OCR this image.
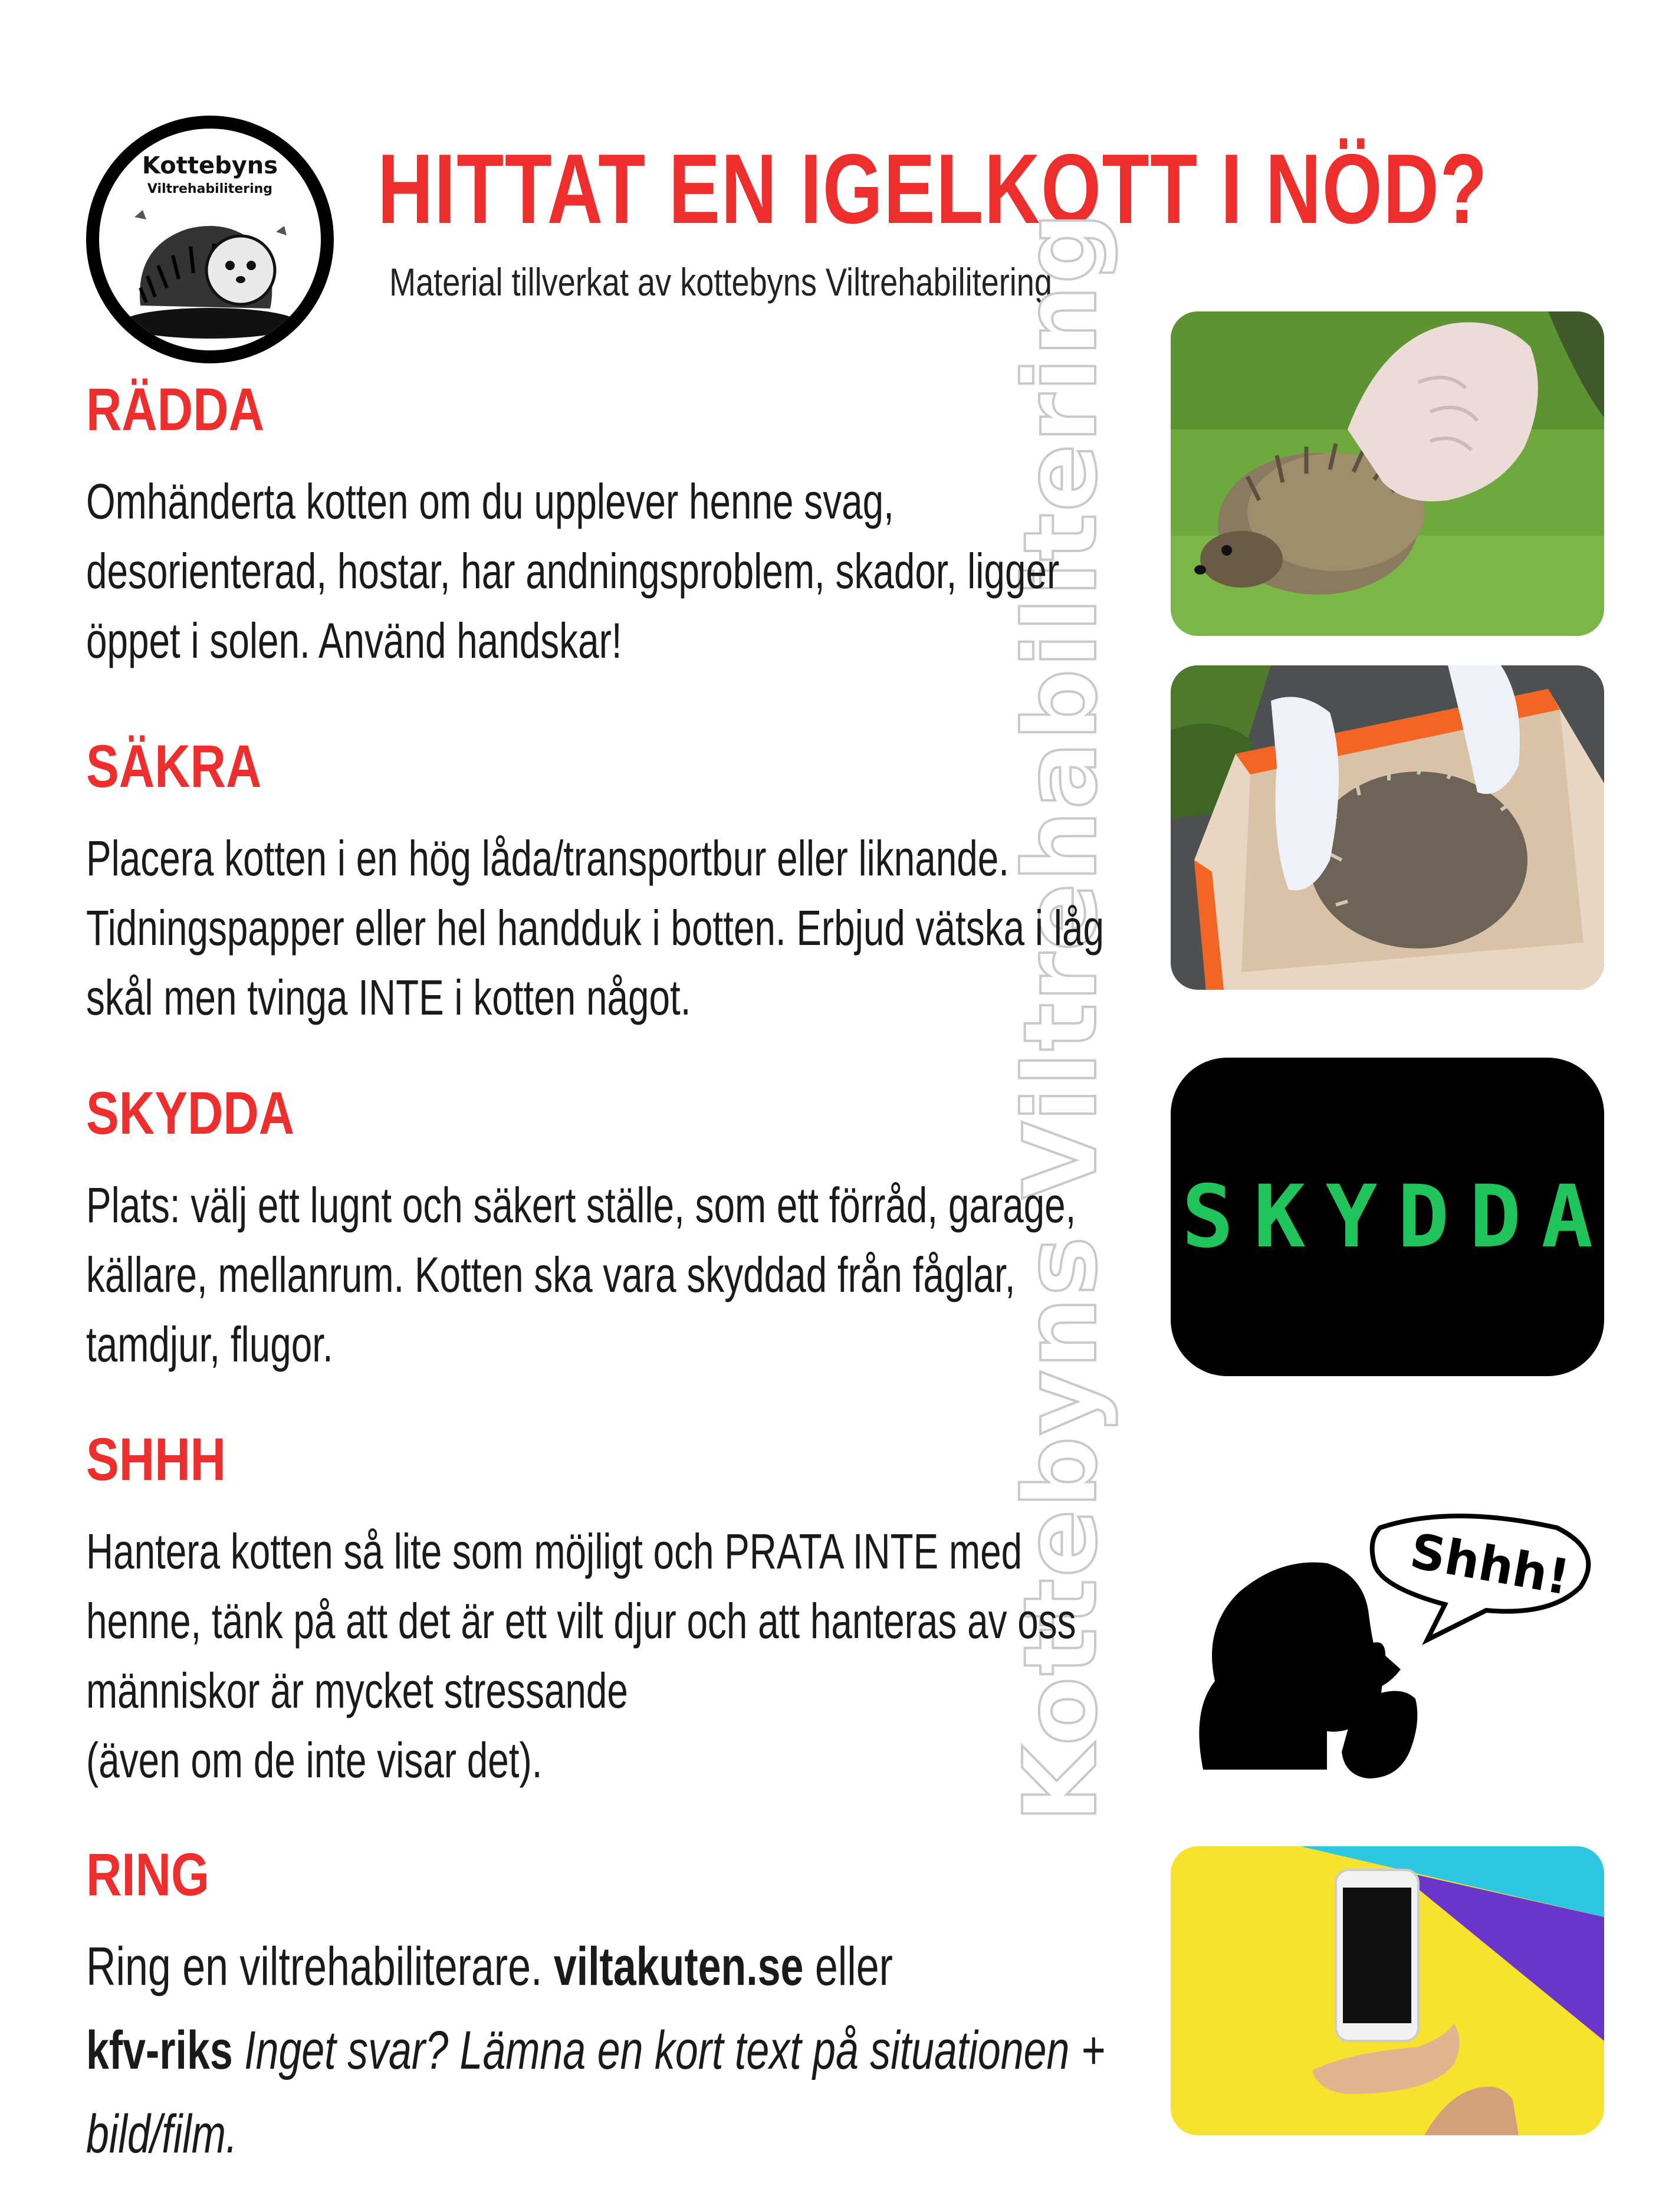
Kottebyns
Viltrehabilitering	HITTAT EN IGELKOTT I NÖD?
Material tillverkat av kottebyns Viltrehabilitering
Kottebyns Viltrehabilitering
RÄDDA
Omhänderta kotten om du upplever henne svag,
desorienterad, hostar, har andningsproblem, skador, ligger
öppet i solen. Använd handskar!
SÄKRA
Placera kotten i en hög låda/transportbur eller liknande.
Tidningspapper eller hel handduk i botten. Erbjud vätska i låg
skål men tvinga INTE i kotten något.
SKYDDA
Plats: välj ett lugnt och säkert ställe, som ett förråd, garage,
källare, mellanrum. Kotten ska vara skyddad från fåglar,
tamdjur, flugor.
SHHH
Hantera kotten så lite som möjligt och PRATA INTE med
henne, tänk på att det är ett vilt djur och att hanteras av oss
människor är mycket stressande
(även om de inte visar det).
RING
Ring en viltrehabiliterare. viltakuten.se eller
kfv-riks Inget svar? Lämna en kort text på situationen +
bild/film.
SKYDDA
Shhh!
